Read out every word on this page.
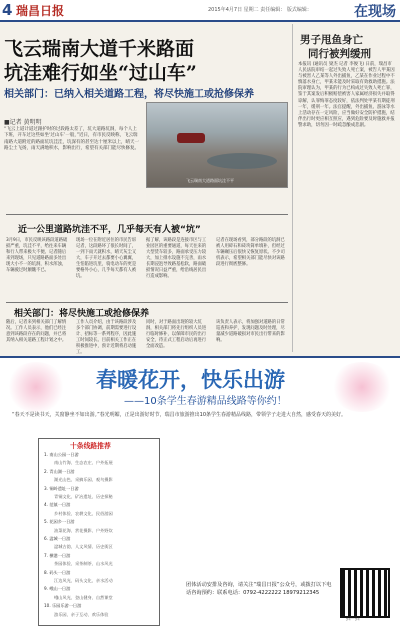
4 瑞昌日报	2015年4月7日 星期二 责任编辑： 版式编辑：	在现场
飞云瑞南大道千米路面
坑洼难行如坐“过山车”
相关部门：已纳入相关道路工程，将尽快施工或抢修保养
■记者 黄明明
“飞云上道计道过跟护时的过段路太差了，坑大道路坑洞，每个人上下班，开车过这些如坐‘过山车’一般，”近日，有市民反映称，飞云瑞南路大道附近的路面坑坑洼洼，坑深有的甚至达十厘米以上，晴天一路尘土飞扬，雨天满地积水，影响出行，希望有关部门能尽快修复。
飞云瑞南大道路面坑洼不平
男子甩鱼身亡
同行被判缓刑
本报讯 (通讯员 梁杰 记者 李俊飞) 日前，瑞昌市人民法院审结一起过失致人死亡案，被告人甲某因与被害人乙某等人外出捕鱼，乙某在作业过程中不慎落水身亡，甲某未能及时采取有效救助措施。法院审理认为，甲某的行为已构成过失致人死亡罪，鉴于其案发后积极赔偿被害人家属经济损失并取得谅解，认罪悔罪态度较好，依法判处甲某有期徒刑一年，缓刑一年。法官提醒，外出捕鱼、游泳等水上活动存在一定风险，应当做好安全防护措施，结伴出行时更应相互照应，遇到危险要及时施救并报警求助，切勿因一时疏忽酿成悲剧。
近一公里道路坑洼不平，几乎每天有人被“坑”
3月9日，市民反映该路段道路破损严重，坑洼不平，给往来车辆和行人带来极大不便。记者随后来到现场，只见道路路面多处出现大小不一的坑洞，积水浑浊，车辆驶过时颠簸不已。
现场一位在附近居住的市民告诉记者，这段路坏了很长时间了，一到下雨天就积水，晴天灰尘又大，车子开过去都要小心翼翼，生怕陷进坑里，骑电动车的更是要格外小心，几乎每天都有人被坑。
据了解，该路段是连接市区与工业园区的重要通道，每天往来的大型货车较多，路面承受压力较大，加上排水设施不完善，雨水长期浸泡导致路基松软，路面破损情况日益严重，给沿线居民出行造成影响。
记者在现场看到，部分路段的坑洞已被人用碎石和砖块简单填补，但经过车辆碾压后很快又恢复原状。不少司机表示，希望相关部门能尽快对该路段进行彻底整修。
相关部门：将尽快施工或抢修保养
随后，记者来到相关部门了解情况。工作人员表示，他们已经注意到该路段存在的问题，并已将其纳入相关道路工程计划之中。
工作人员介绍，由于该路段涉及多个部门协调，前期需要进行设计、招标等一系列程序，因此施工时间较长。目前相关工作正在积极推进中，预计近期将启动施工。
同时，对于路面出现的较大坑洞，相关部门将先行组织人员进行临时修补，以保障市民的出行安全，待正式工程启动后再进行全面改造。
该负责人表示，将加强对道路的日常巡查和养护，发现问题及时处理，尽量减少道路破损对市民出行带来的影响。
春暖花开，快乐出游
——10条学生春游精品线路等你约！
“春天不是读书天，关窗静坐不如出游。”春光明媚，正是出游好时节，瑞昌市旅游推出10条学生春游精品线路，带领学子走进大自然，感受春天的美好。
十条线路推荐
1. 南山公园一日游
南山竹海、生态农庄、户外拓展
2. 青山湖一日游
湖光山色、采摘乐园、观鸟摄影
3. 铜岭遗址一日游
青铜文化、矿冶遗址、历史探秘
4. 范镇一日游
乡村体验、农耕文化、民俗游园
5. 花园乡一日游
油菜花海、赏花摄影、户外野炊
6. 湓城一日游
湓城古韵、人文风情、历史街区
7. 横港一日游
茶园体验、采茶制茶、山水风光
8. 码头一日游
江边风光、码头文化、亲水活动
9. 峨山一日游
峨山风光、登山健身、自然课堂
10. 乐园乐游一日游
游乐园、亲子互动、欢乐体验
团体活动安排及咨询，请关注“瑞昌日报”公众号，或拨打以下电话咨询预约：联系电话：0792-4222222 18979212345
扫一扫
